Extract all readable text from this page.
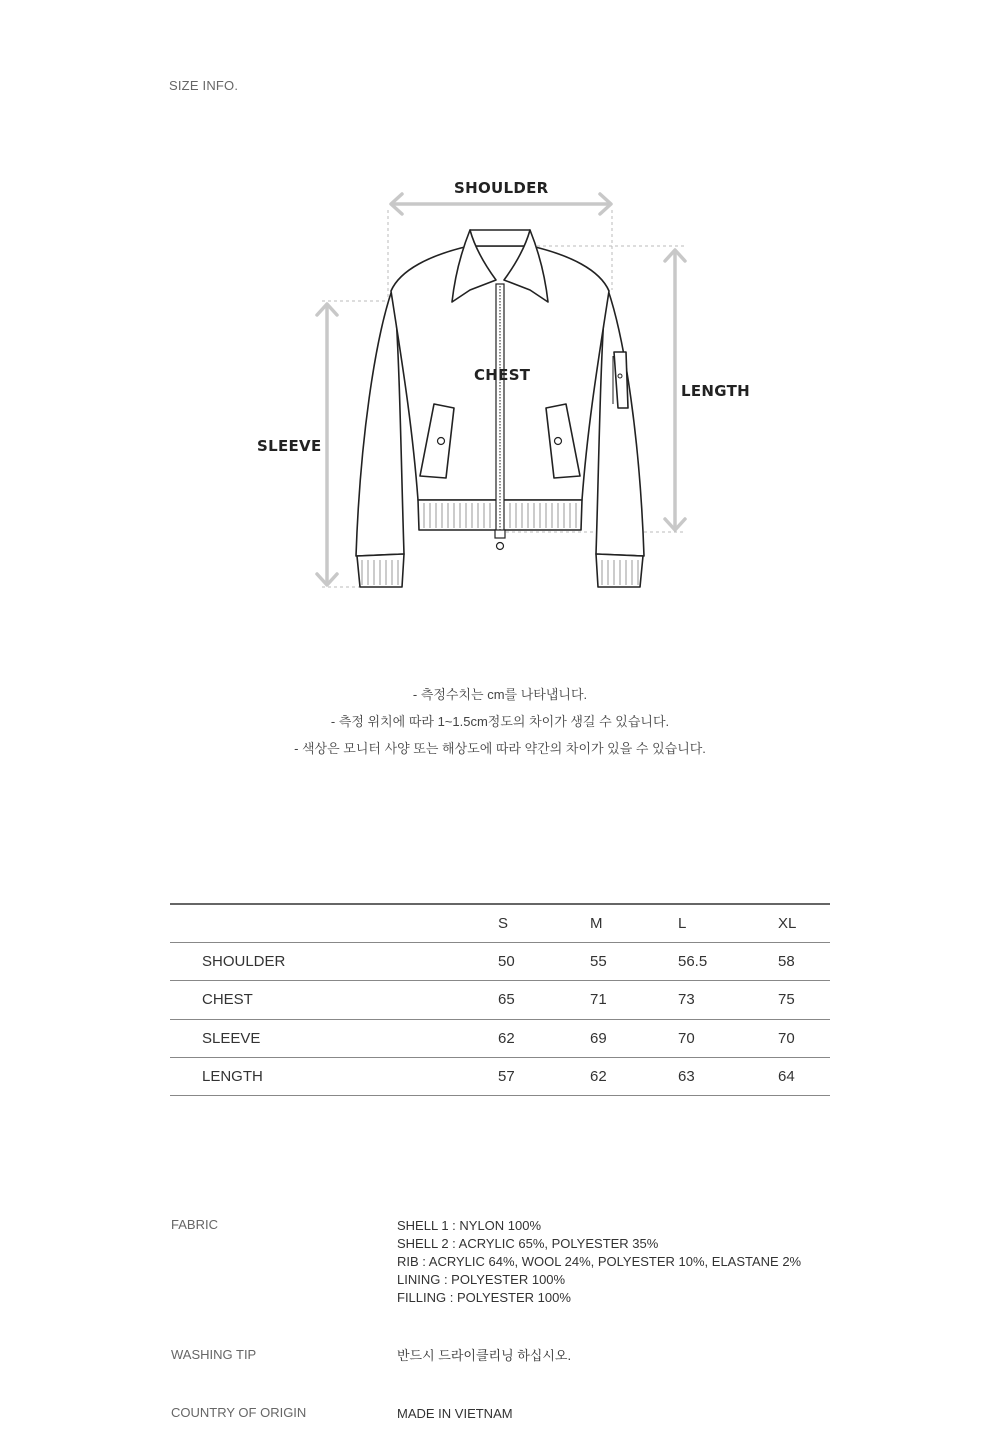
SIZE INFO.
SHOULDER
CHEST
LENGTH
SLEEVE
- 측정수치는 cm를 나타냅니다.
- 측정 위치에 따라 1~1.5cm정도의 차이가 생길 수 있습니다.
- 색상은 모니터 사양 또는 해상도에 따라 약간의 차이가 있을 수 있습니다.
	S	M	L	XL
SHOULDER	50	55	56.5	58
CHEST	65	71	73	75
SLEEVE	62	69	70	70
LENGTH	57	62	63	64
FABRIC	SHELL 1 : NYLON 100%
SHELL 2 : ACRYLIC 65%, POLYESTER 35%
RIB : ACRYLIC 64%, WOOL 24%, POLYESTER 10%, ELASTANE 2%
LINING : POLYESTER 100%
FILLING : POLYESTER 100%
WASHING TIP	반드시 드라이클리닝 하십시오.
COUNTRY OF ORIGIN	MADE IN VIETNAM
